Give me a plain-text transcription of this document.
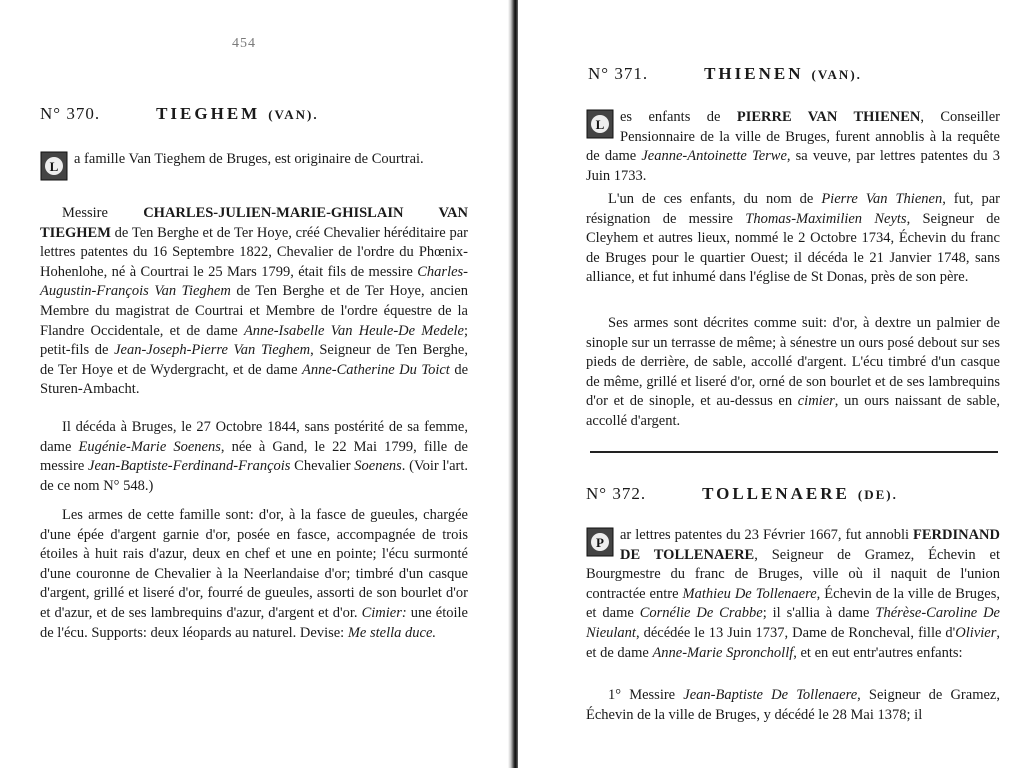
454
N° 370.	TIEGHEM (VAN).
L a famille Van Tieghem de Bruges, est originaire de Courtrai.
Messire CHARLES-JULIEN-MARIE-GHISLAIN VAN TIEGHEM de Ten Berghe et de Ter Hoye, créé Chevalier héréditaire par lettres patentes du 16 Septembre 1822, Chevalier de l'ordre du Phœnix-Hohenlohe, né à Courtrai le 25 Mars 1799, était fils de messire Charles-Augustin-François Van Tieghem de Ten Berghe et de Ter Hoye, ancien Membre du magistrat de Courtrai et Membre de l'ordre équestre de la Flandre Occidentale, et de dame Anne-Isabelle Van Heule-De Medele; petit-fils de Jean-Joseph-Pierre Van Tieghem, Seigneur de Ten Berghe, de Ter Hoye et de Wydergracht, et de dame Anne-Catherine Du Toict de Sturen-Ambacht.
Il décéda à Bruges, le 27 Octobre 1844, sans postérité de sa femme, dame Eugénie-Marie Soenens, née à Gand, le 22 Mai 1799, fille de messire Jean-Baptiste-Ferdinand-François Chevalier Soenens. (Voir l'art. de ce nom N° 548.)
Les armes de cette famille sont: d'or, à la fasce de gueules, chargée d'une épée d'argent garnie d'or, posée en fasce, accompagnée de trois étoiles à huit rais d'azur, deux en chef et une en pointe; l'écu surmonté d'une couronne de Chevalier à la Neerlandaise d'or; timbré d'un casque d'argent, grillé et liseré d'or, fourré de gueules, assorti de son bourlet d'or et d'azur, et de ses lambrequins d'azur, d'argent et d'or. Cimier: une étoile de l'écu. Supports: deux léopards au naturel. Devise: Me stella duce.
N° 371.	THIENEN (VAN).
L es enfants de PIERRE VAN THIENEN, Conseiller Pensionnaire de la ville de Bruges, furent annoblis à la requête de dame Jeanne-Antoinette Terwe, sa veuve, par lettres patentes du 3 Juin 1733.
L'un de ces enfants, du nom de Pierre Van Thienen, fut, par résignation de messire Thomas-Maximilien Neyts, Seigneur de Cleyhem et autres lieux, nommé le 2 Octobre 1734, Échevin du franc de Bruges pour le quartier Ouest; il décéda le 21 Janvier 1748, sans alliance, et fut inhumé dans l'église de St Donas, près de son père.
Ses armes sont décrites comme suit: d'or, à dextre un palmier de sinople sur un terrasse de même; à sénestre un ours posé debout sur ses pieds de derrière, de sable, accollé d'argent. L'écu timbré d'un casque de même, grillé et liseré d'or, orné de son bourlet et de ses lambrequins d'or et de sinople, et au-dessus en cimier, un ours naissant de sable, accollé d'argent.
N° 372.	TOLLENAERE (DE).
P ar lettres patentes du 23 Février 1667, fut annobli FERDINAND DE TOLLENAERE, Seigneur de Gramez, Échevin et Bourgmestre du franc de Bruges, ville où il naquit de l'union contractée entre Mathieu De Tollenaere, Échevin de la ville de Bruges, et dame Cornélie De Crabbe; il s'allia à dame Thérèse-Caroline De Nieulant, décédée le 13 Juin 1737, Dame de Roncheval, fille d'Olivier, et de dame Anne-Marie Spronchollf, et en eut entr'autres enfants:
1° Messire Jean-Baptiste De Tollenaere, Seigneur de Gramez, Échevin de la ville de Bruges, y décédé le 28 Mai 1378; il
